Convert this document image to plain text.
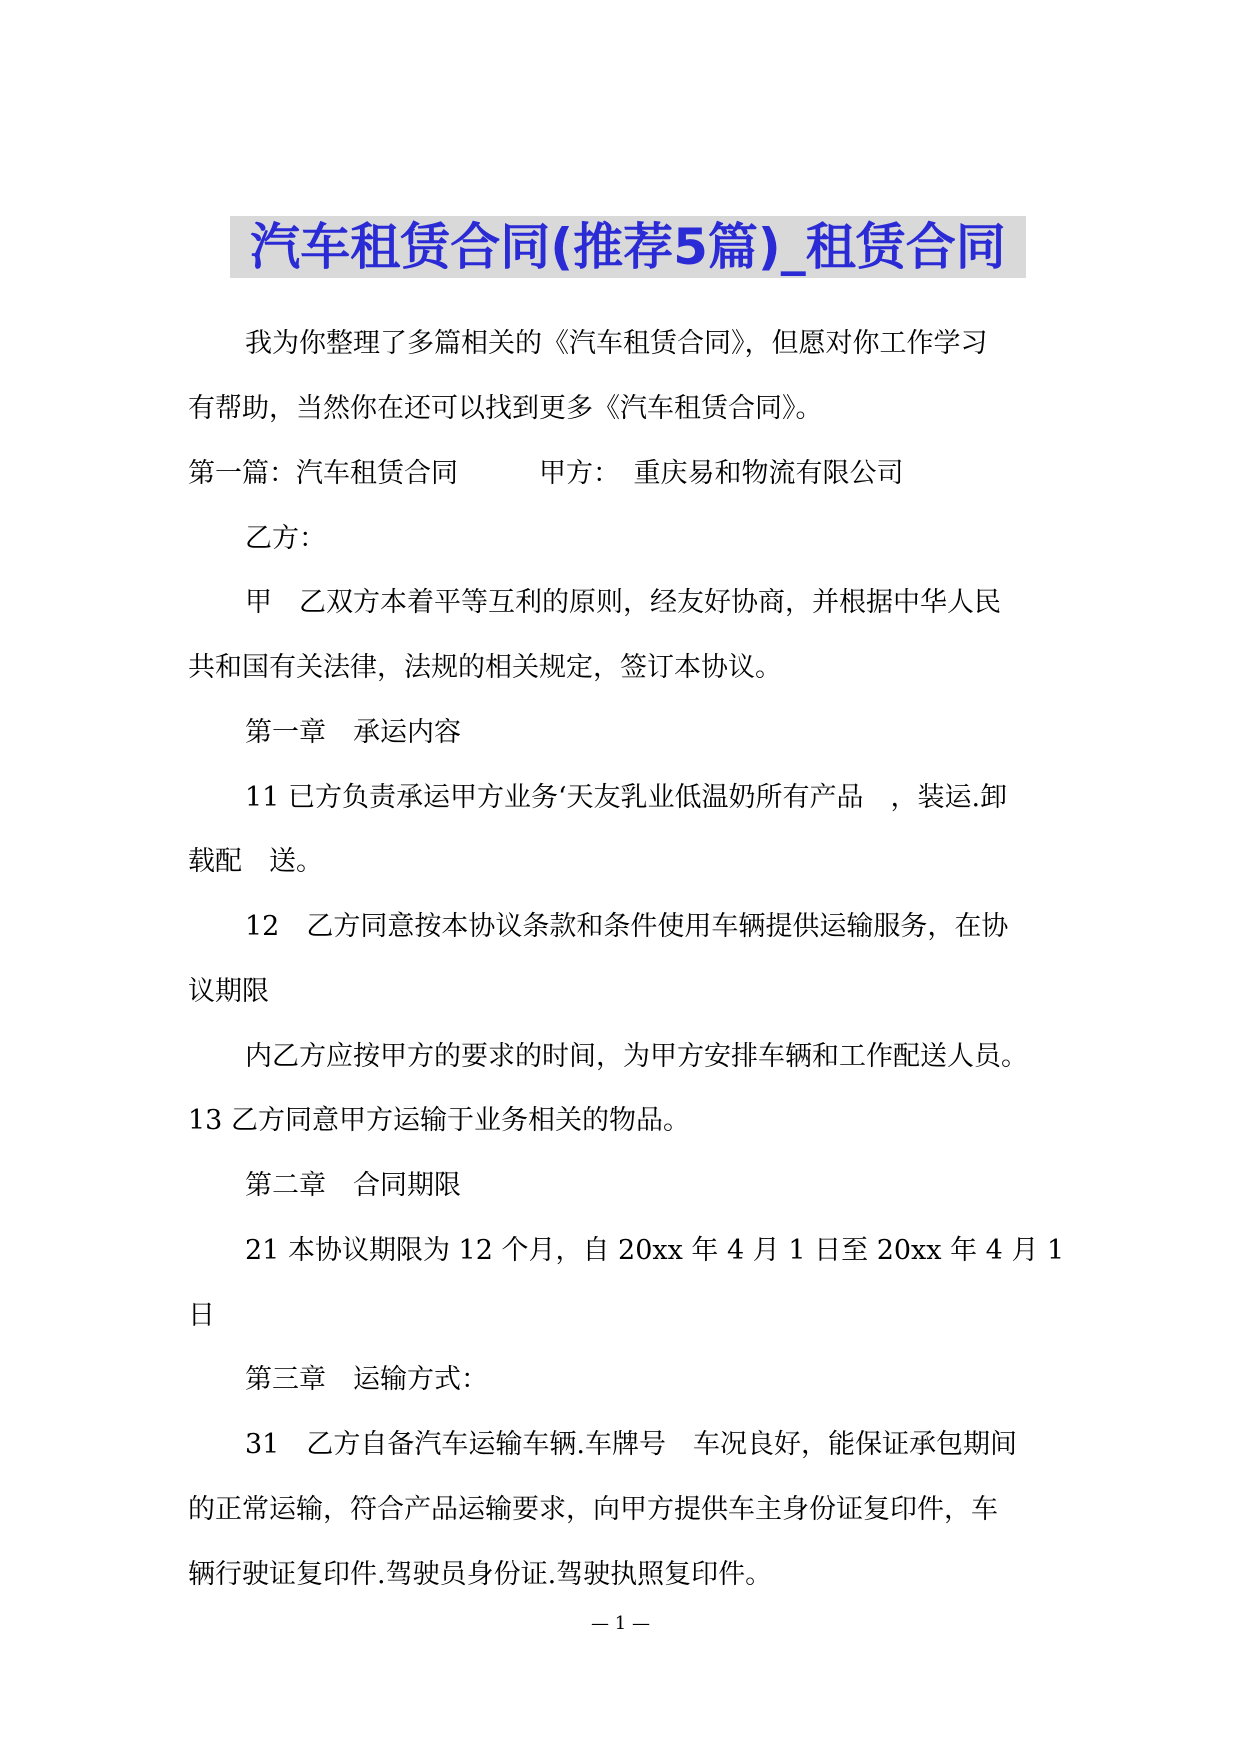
汽车租赁合同(推荐5篇)_租赁合同
我为你整理了多篇相关的《汽车租赁合同》，但愿对你工作学习
有帮助，当然你在还可以找到更多《汽车租赁合同》。
第一篇：汽车租赁合同　　　甲方：　重庆易和物流有限公司
乙方：
甲　乙双方本着平等互利的原则，经友好协商，并根据中华人民
共和国有关法律，法规的相关规定，签订本协议。
第一章　承运内容
11 已方负责承运甲方业务‘天友乳业低温奶所有产品　，装运.卸
载配　送。
12　乙方同意按本协议条款和条件使用车辆提供运输服务，在协
议期限
内乙方应按甲方的要求的时间，为甲方安排车辆和工作配送人员。
13 乙方同意甲方运输于业务相关的物品。
第二章　合同期限
21 本协议期限为 12 个月，自 20xx 年 4 月 1 日至 20xx 年 4 月 1
日
第三章　运输方式：
31　乙方自备汽车运输车辆.车牌号　车况良好，能保证承包期间
的正常运输，符合产品运输要求，向甲方提供车主身份证复印件，车
辆行驶证复印件.驾驶员身份证.驾驶执照复印件。
— 1 —
